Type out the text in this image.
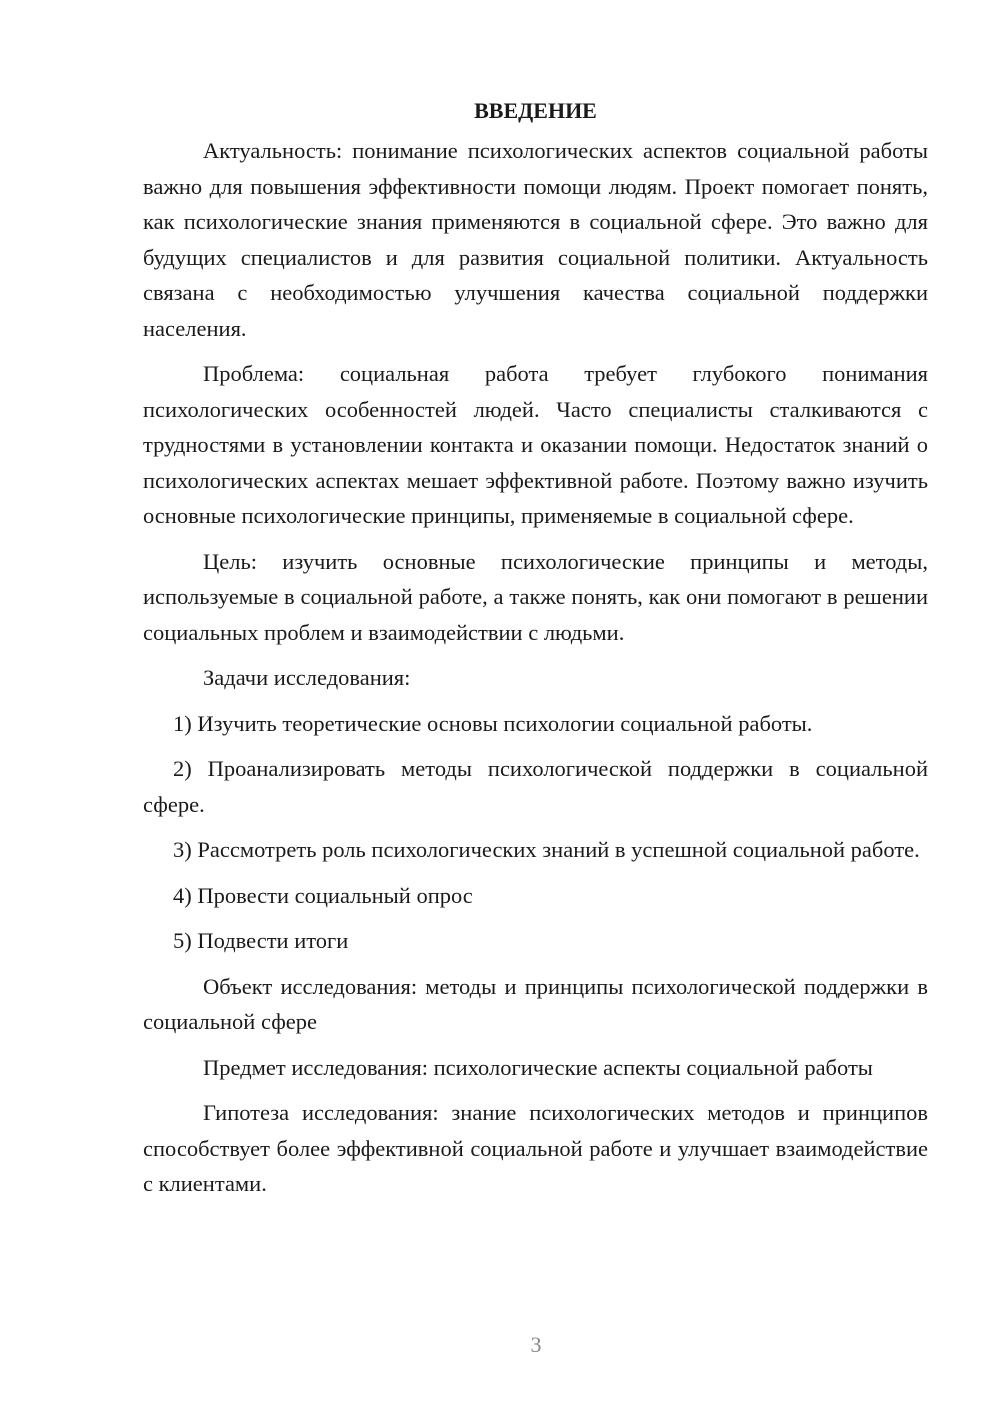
ВВЕДЕНИЕ

Актуальность: понимание психологических аспектов социальной работы важно для повышения эффективности помощи людям. Проект помогает понять, как психологические знания применяются в социальной сфере. Это важно для будущих специалистов и для развития социальной политики. Актуальность связана с необходимостью улучшения качества социальной поддержки населения.

Проблема: социальная работа требует глубокого понимания психологических особенностей людей. Часто специалисты сталкиваются с трудностями в установлении контакта и оказании помощи. Недостаток знаний о психологических аспектах мешает эффективной работе. Поэтому важно изучить основные психологические принципы, применяемые в социальной сфере.

Цель: изучить основные психологические принципы и методы, используемые в социальной работе, а также понять, как они помогают в решении социальных проблем и взаимодействии с людьми.

Задачи исследования:

1) Изучить теоретические основы психологии социальной работы.

2) Проанализировать методы психологической поддержки в социальной сфере.

3) Рассмотреть роль психологических знаний в успешной социальной работе.

4) Провести социальный опрос

5) Подвести итоги

Объект исследования: методы и принципы психологической поддержки в социальной сфере

Предмет исследования: психологические аспекты социальной работы

Гипотеза исследования: знание психологических методов и принципов способствует более эффективной социальной работе и улучшает взаимодействие с клиентами.

3
